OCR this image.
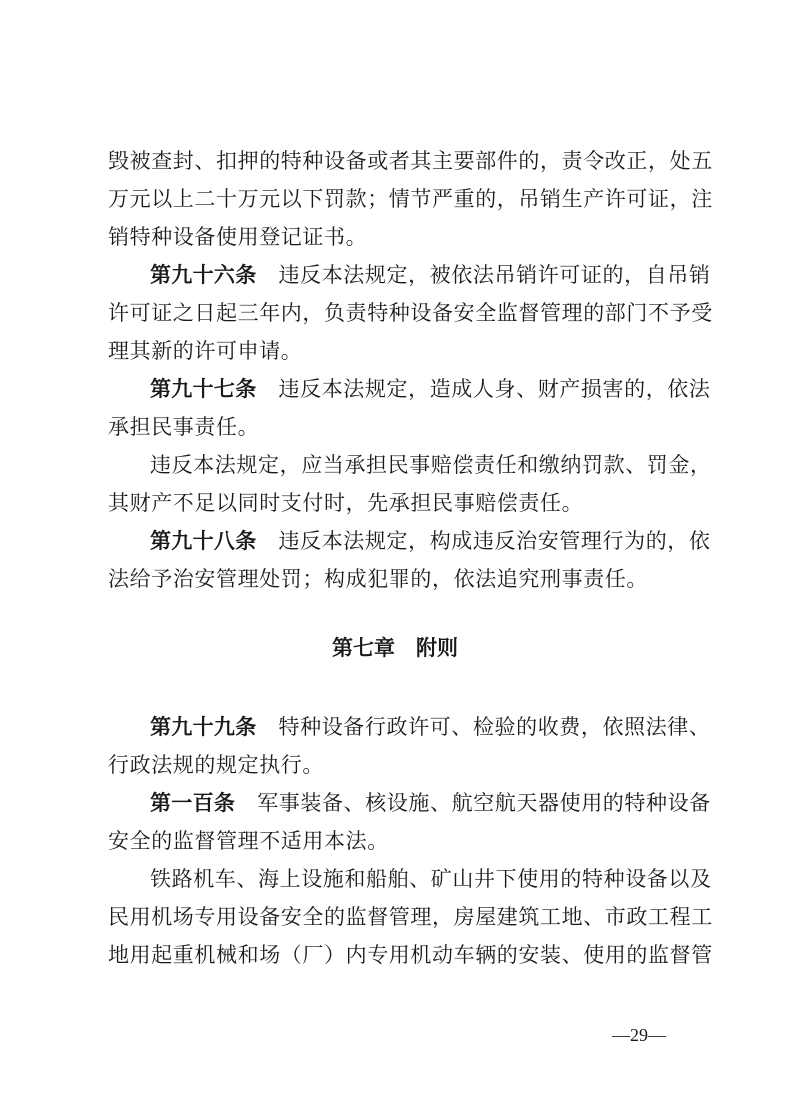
毁被查封、扣押的特种设备或者其主要部件的，责令改正，处五
万元以上二十万元以下罚款；情节严重的，吊销生产许可证，注
销特种设备使用登记证书。
第九十六条 违反本法规定，被依法吊销许可证的，自吊销
许可证之日起三年内，负责特种设备安全监督管理的部门不予受
理其新的许可申请。
第九十七条 违反本法规定，造成人身、财产损害的，依法
承担民事责任。
违反本法规定，应当承担民事赔偿责任和缴纳罚款、罚金，
其财产不足以同时支付时，先承担民事赔偿责任。
第九十八条 违反本法规定，构成违反治安管理行为的，依
法给予治安管理处罚；构成犯罪的，依法追究刑事责任。
第七章　附则
第九十九条 特种设备行政许可、检验的收费，依照法律、
行政法规的规定执行。
第一百条 军事装备、核设施、航空航天器使用的特种设备
安全的监督管理不适用本法。
铁路机车、海上设施和船舶、矿山井下使用的特种设备以及
民用机场专用设备安全的监督管理，房屋建筑工地、市政工程工
地用起重机械和场（厂）内专用机动车辆的安装、使用的监督管
—29—
